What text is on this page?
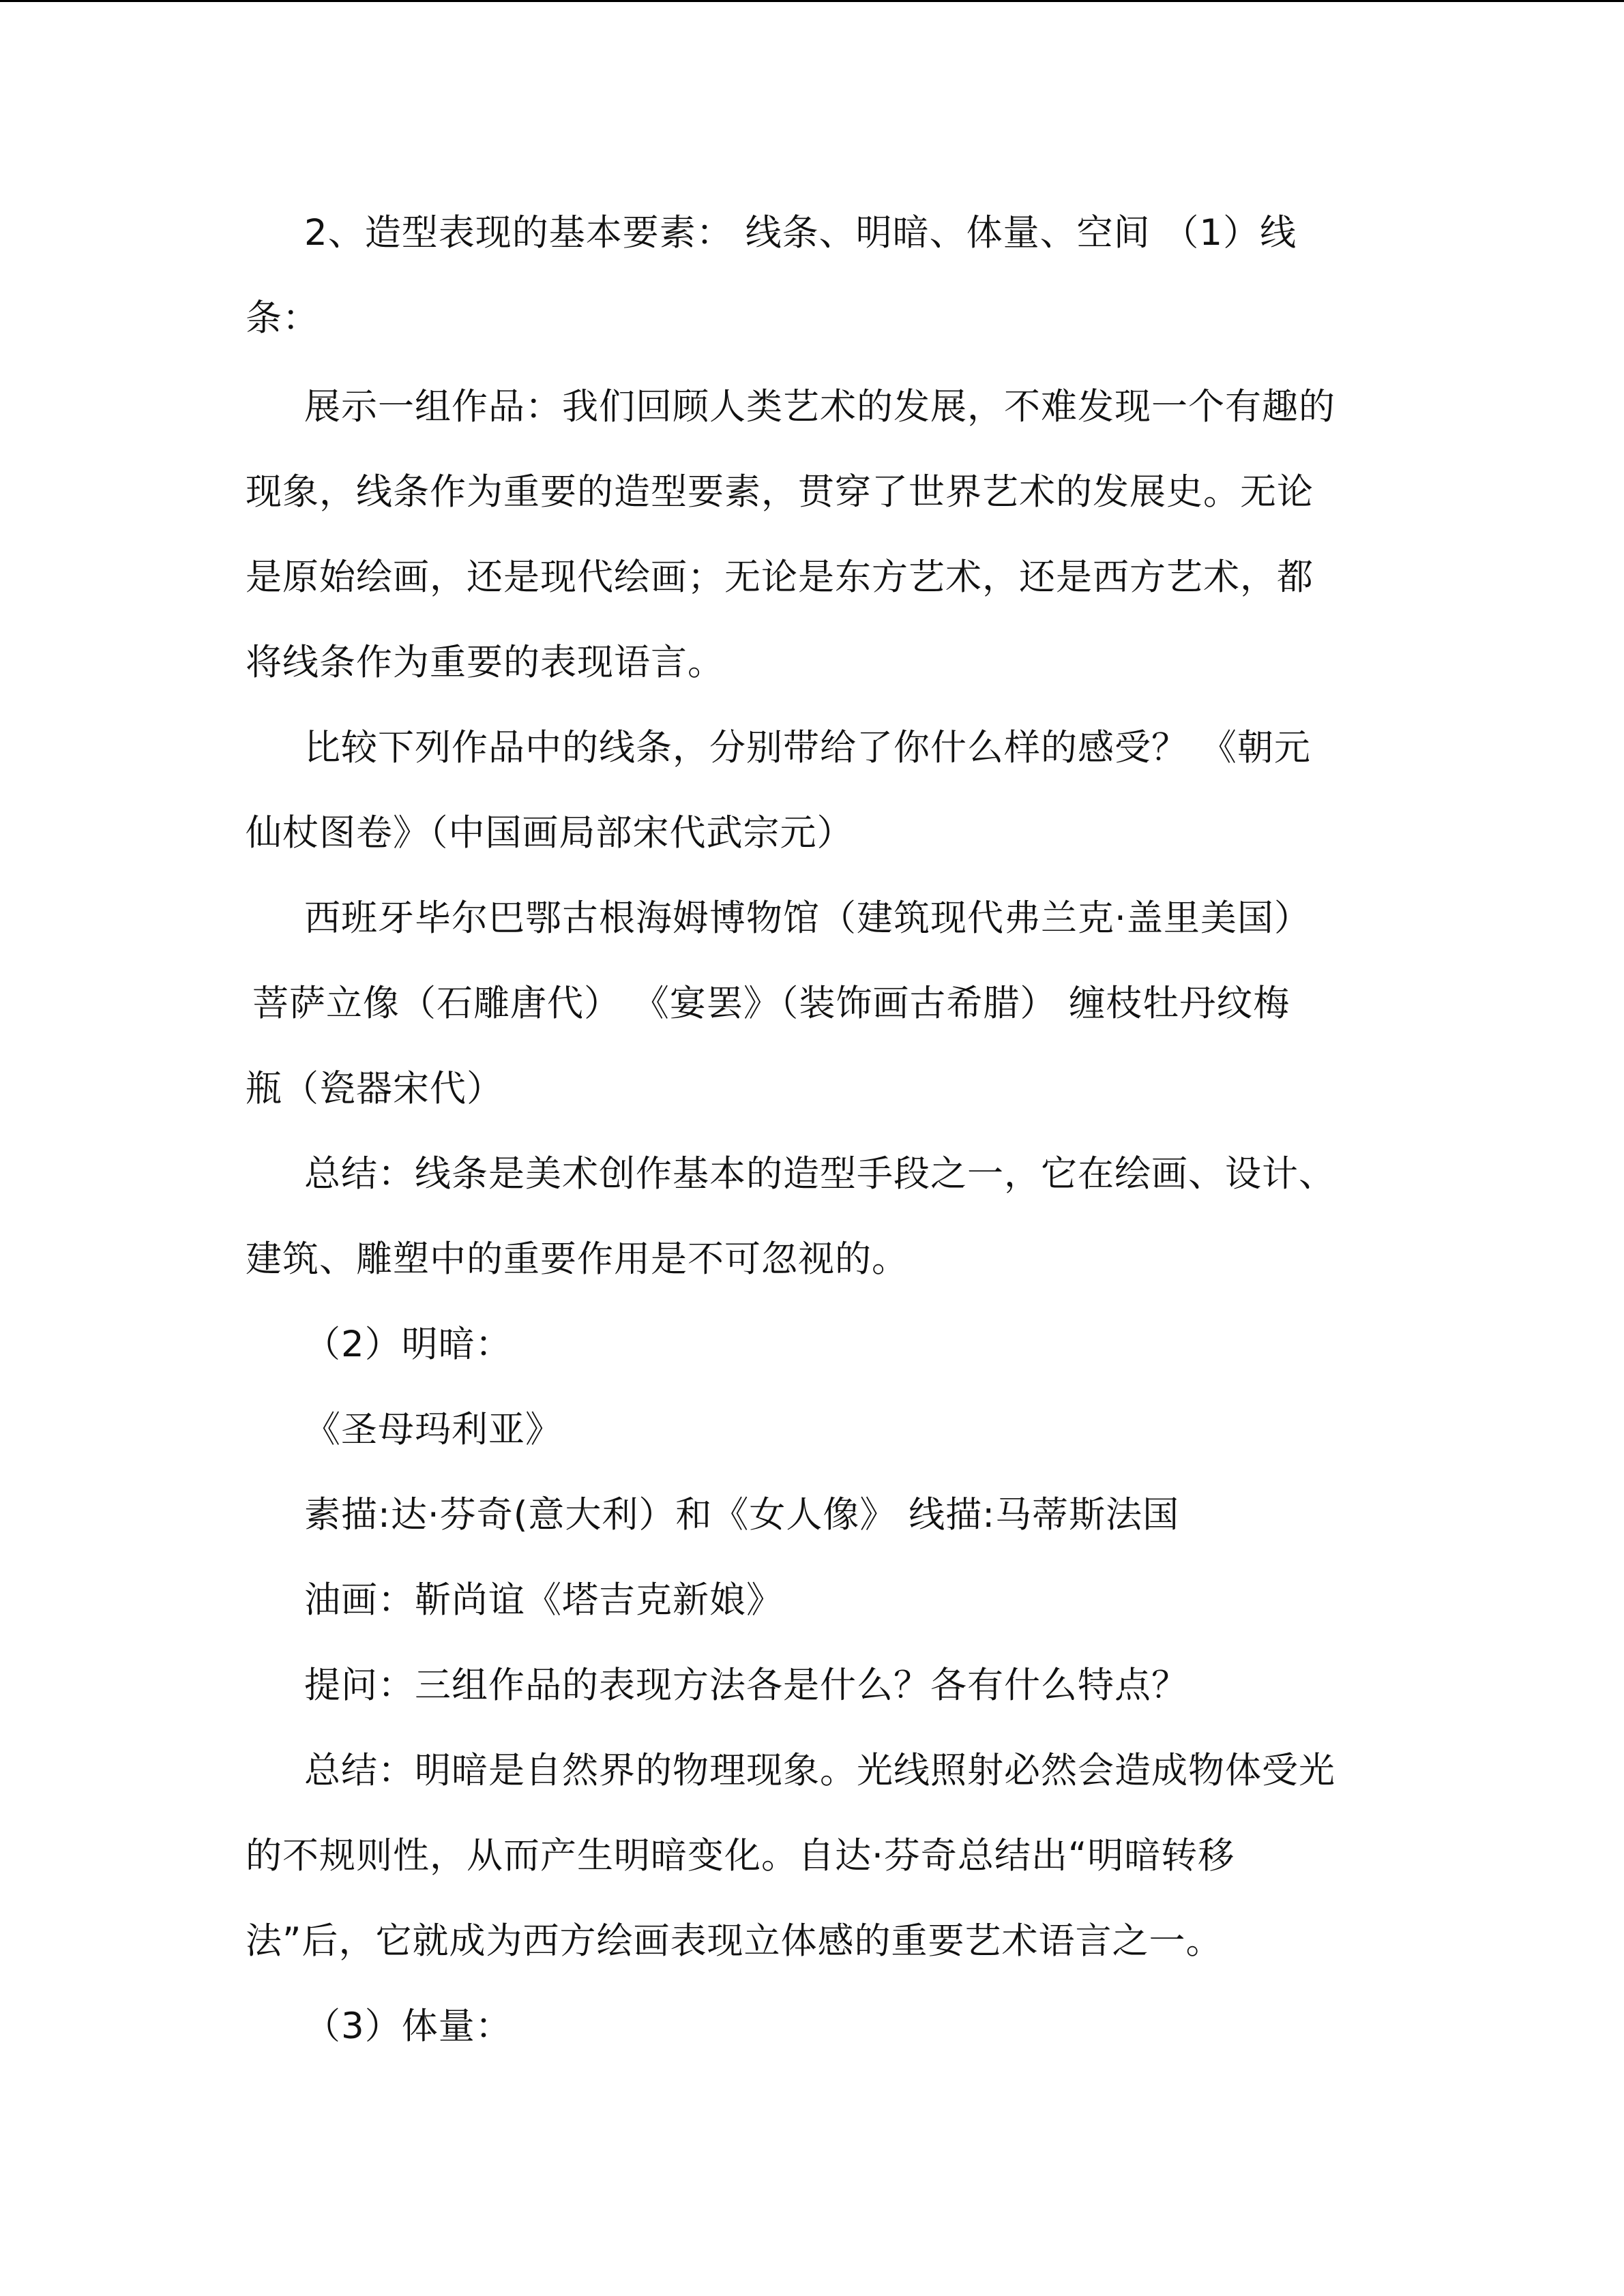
2、造型表现的基本要素： 线条、明暗、体量、空间 （1）线
条：
展示一组作品：我们回顾人类艺术的发展，不难发现一个有趣的
现象，线条作为重要的造型要素，贯穿了世界艺术的发展史。无论
是原始绘画，还是现代绘画；无论是东方艺术，还是西方艺术，都
将线条作为重要的表现语言。
比较下列作品中的线条，分别带给了你什么样的感受？ 《朝元
仙杖图卷》（中国画局部宋代武宗元）
西班牙毕尔巴鄂古根海姆博物馆（建筑现代弗兰克·盖里美国）
菩萨立像（石雕唐代） 《宴罢》（装饰画古希腊） 缠枝牡丹纹梅
瓶（瓷器宋代）
总结：线条是美术创作基本的造型手段之一，它在绘画、设计、
建筑、雕塑中的重要作用是不可忽视的。
（2）明暗：
《圣母玛利亚》
素描:达·芬奇(意大利）和《女人像》 线描:马蒂斯法国
油画：靳尚谊《塔吉克新娘》
提问：三组作品的表现方法各是什么？各有什么特点？
总结：明暗是自然界的物理现象。光线照射必然会造成物体受光
的不规则性，从而产生明暗变化。自达·芬奇总结出“明暗转移
法”后，它就成为西方绘画表现立体感的重要艺术语言之一。
（3）体量：
